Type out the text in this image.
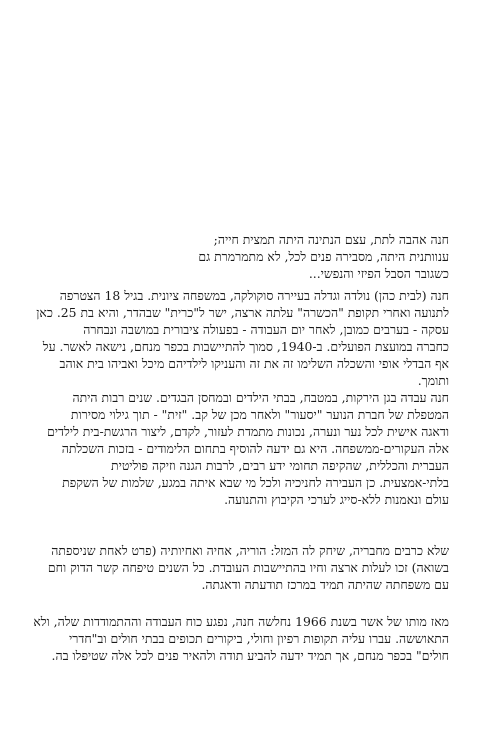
חנה אהבה לתת, עצם הנתינה היתה תמצית חייה;
ענוותנית היתה, מסבירה פנים לכל, לא מתמרמרת גם
כשגובר הסבל הפיזי והנפשי...
חנה (לבית כהן) נולדה וגדלה בעיירה סוקולקה, במשפחה ציונית. בגיל 18 הצטרפה
לתנועה ואחרי תקופת "הכשרה" עלתה ארצה, ישר ל"כרית" שבהדר, והיא בת 25. כאן
עסקה - בערבים כמובן, לאחר יום העבודה - בפעולה ציבורית במושבה ונבחרה
כחברה במועצת הפועלים. ב-1940, סמוך להתיישבות בכפר מנחם, נישאה לאשר. על
אף הבדלי אופי והשכלה השלימו זה את זה והעניקו לילדיהם מיכל ואביהו בית אוהב
ותומך.
חנה עבדה בגן הירקות, במטבח, בבתי הילדים ובמחסן הבגדים. שנים רבות היתה
המטפלת של חברת הנוער "יסעור" ולאחר מכן של קב. "זית" - תוך גילוי מסירות
ודאגה אישית לכל נער ונערה, נכונות מתמדת לעזור, לקדם, ליצור הרגשת-בית לילדים
אלה העקורים-ממשפחה. היא גם ידעה להוסיף בתחום הלימודים - בזכות השכלתה
העברית והכללית, שהקיפה תחומי ידע רבים, לרבות הגנה וזיקה פוליטית
בלתי-אמצעית. כן העבירה לחניכיה ולכל מי שבא איתה במגע, שלמות של השקפת
עולם ונאמנות ללא-סייג לערכי הקיבוץ והתנועה.
שלא כרבים מחבריה, שיחק לה המזל: הוריה, אחיה ואחיותיה (פרט לאחת שניספתה
בשואה) זכו לעלות ארצה וחיו בהתיישבות העובדת. כל השנים טיפחה קשר הדוק וחם
עם משפחתה שהיתה תמיד במרכז תודעתה ודאגתה.
מאז מותו של אשר בשנת 1966 נחלשה חנה, נפגע כוח העבודה וההתמודדות שלה, ולא
התאוששה. עברו עליה תקופות רפיון וחולי, ביקורים תכופים בבתי חולים וב"חדרי
חולים" בכפר מנחם, אך תמיד ידעה להביע תודה ולהאיר פנים לכל אלה שטיפלו בה.
